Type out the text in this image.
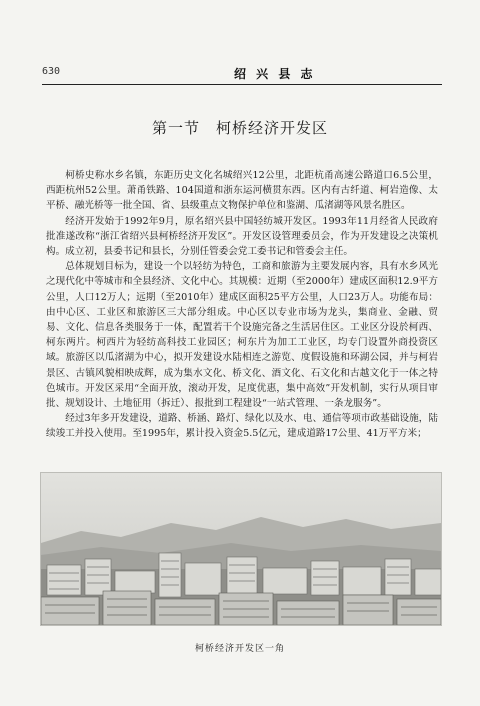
630	绍 兴 县 志
第一节　柯桥经济开发区

柯桥史称水乡名镇，东距历史文化名城绍兴12公里，北距杭甬高速公路道口6.5公里，西距杭州52公里。萧甬铁路、104国道和浙东运河横贯东西。区内有古纤道、柯岩造像、太平桥、融光桥等一批全国、省、县级重点文物保护单位和鉴湖、瓜渚湖等风景名胜区。

经济开发始于1992年9月，原名绍兴县中国轻纺城开发区。1993年11月经省人民政府批准遂改称“浙江省绍兴县柯桥经济开发区”。开发区设管理委员会，作为开发建设之决策机构。成立初，县委书记和县长，分别任管委会党工委书记和管委会主任。

总体规划目标为，建设一个以轻纺为特色，工商和旅游为主要发展内容，具有水乡风光之现代化中等城市和全县经济、文化中心。其规模：近期（至2000年）建成区面积12.9平方公里，人口12万人；远期（至2010年）建成区面积25平方公里，人口23万人。功能布局：由中心区、工业区和旅游区三大部分组成。中心区以专业市场为龙头，集商业、金融、贸易、文化、信息各类服务于一体，配置若干个设施完备之生活居住区。工业区分设於柯西、柯东两片。柯西片为轻纺高科技工业园区；柯东片为加工工业区，均专门设置外商投资区域。旅游区以瓜渚湖为中心，拟开发建设水陆相连之游览、度假设施和环湖公园，并与柯岩景区、古镇风貌相映成辉，成为集水文化、桥文化、酒文化、石文化和古越文化于一体之特色城市。开发区采用“全面开放，滚动开发，足度优惠，集中高效”开发机制，实行从项目审批、规划设计、土地征用（拆迁）、报批到工程建设“一站式管理、一条龙服务”。

经过3年多开发建设，道路、桥涵、路灯、绿化以及水、电、通信等项市政基础设施，陆续竣工并投入使用。至1995年，累计投入资金5.5亿元，建成道路17公里、41万平方米；

柯桥经济开发区一角
